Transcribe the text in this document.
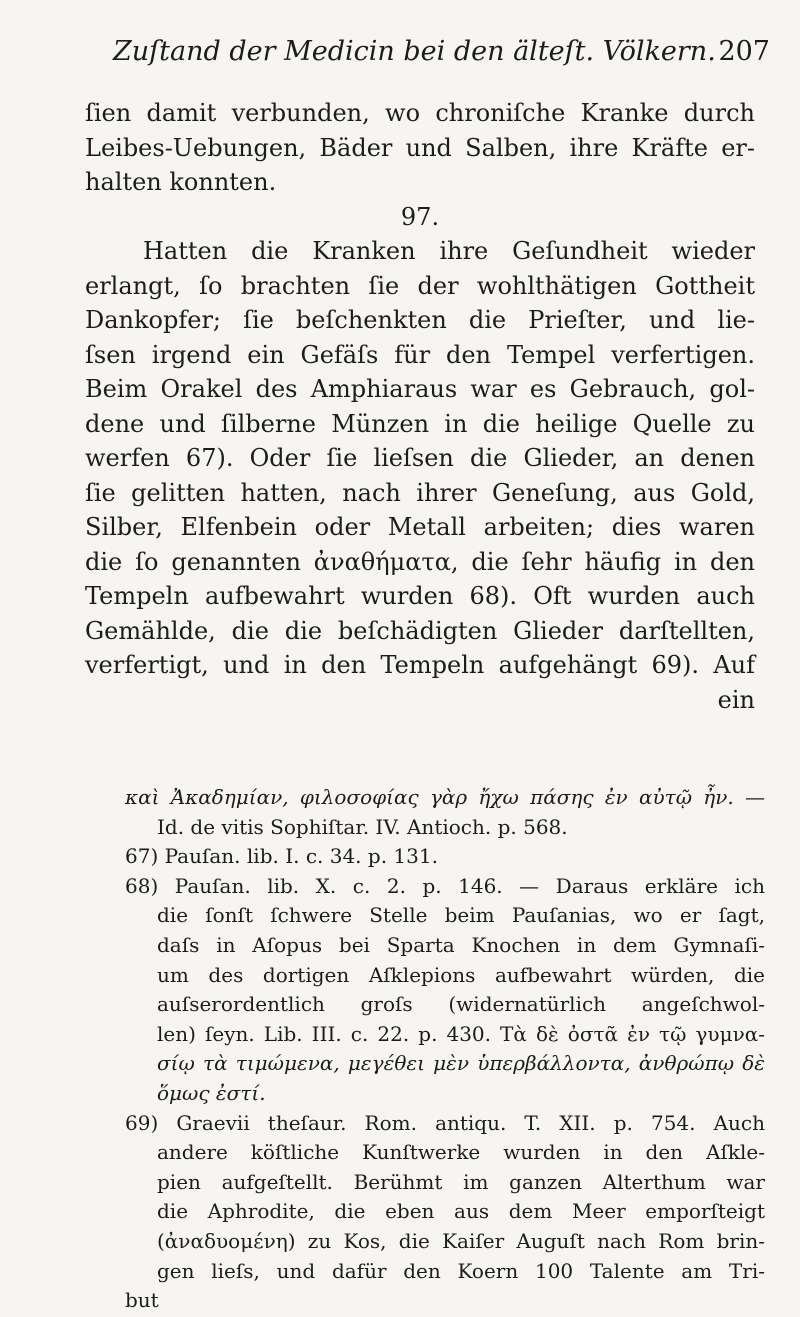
Zuſtand der Medicin bei den älteſt. Völkern. 207
ſien damit verbunden, wo chroniſche Kranke durch
Leibes-Uebungen, Bäder und Salben, ihre Kräfte er-
halten konnten.
97.
Hatten die Kranken ihre Geſundheit wieder
erlangt, ſo brachten ſie der wohlthätigen Gottheit
Dankopfer; ſie beſchenkten die Prieſter, und lie-
ſsen irgend ein Gefäſs für den Tempel verfertigen.
Beim Orakel des Amphiaraus war es Gebrauch, gol-
dene und ſilberne Münzen in die heilige Quelle zu
werfen 67). Oder ſie lieſsen die Glieder, an denen
ſie gelitten hatten, nach ihrer Geneſung, aus Gold,
Silber, Elfenbein oder Metall arbeiten; dies waren
die ſo genannten ἀναθήματα, die ſehr häufig in den
Tempeln aufbewahrt wurden 68). Oft wurden auch
Gemählde, die die beſchädigten Glieder darſtellten,
verfertigt, und in den Tempeln aufgehängt 69). Auf
ein
καὶ Ἀκαδημίαν, φιλοσοφίας γὰρ ἤχω πάσης ἐν αὐτῷ ἦν. —
Id. de vitis Sophiſtar. IV. Antioch. p. 568.
67) Pauſan. lib. I. c. 34. p. 131.
68) Pauſan. lib. X. c. 2. p. 146. — Daraus erkläre ich
die ſonſt ſchwere Stelle beim Pauſanias, wo er ſagt,
daſs in Aſopus bei Sparta Knochen in dem Gymnaſi-
um des dortigen Aſklepions aufbewahrt würden, die
auſserordentlich groſs (widernatürlich angeſchwol-
len) ſeyn. Lib. III. c. 22. p. 430. Τὰ δὲ ὀστᾶ ἐν τῷ γυμνα-
σίῳ τὰ τιμώμενα, μεγέθει μὲν ὑπερβάλλοντα, ἀνθρώπῳ δὲ
ὅμως ἐστί.
69) Graevii theſaur. Rom. antiqu. T. XII. p. 754. Auch
andere köſtliche Kunſtwerke wurden in den Aſkle-
pien aufgeſtellt. Berühmt im ganzen Alterthum war
die Aphrodite, die eben aus dem Meer emporſteigt
(ἀναδυομένη) zu Kos, die Kaiſer Auguſt nach Rom brin-
gen lieſs, und dafür den Koern 100 Talente am Tri-
but
